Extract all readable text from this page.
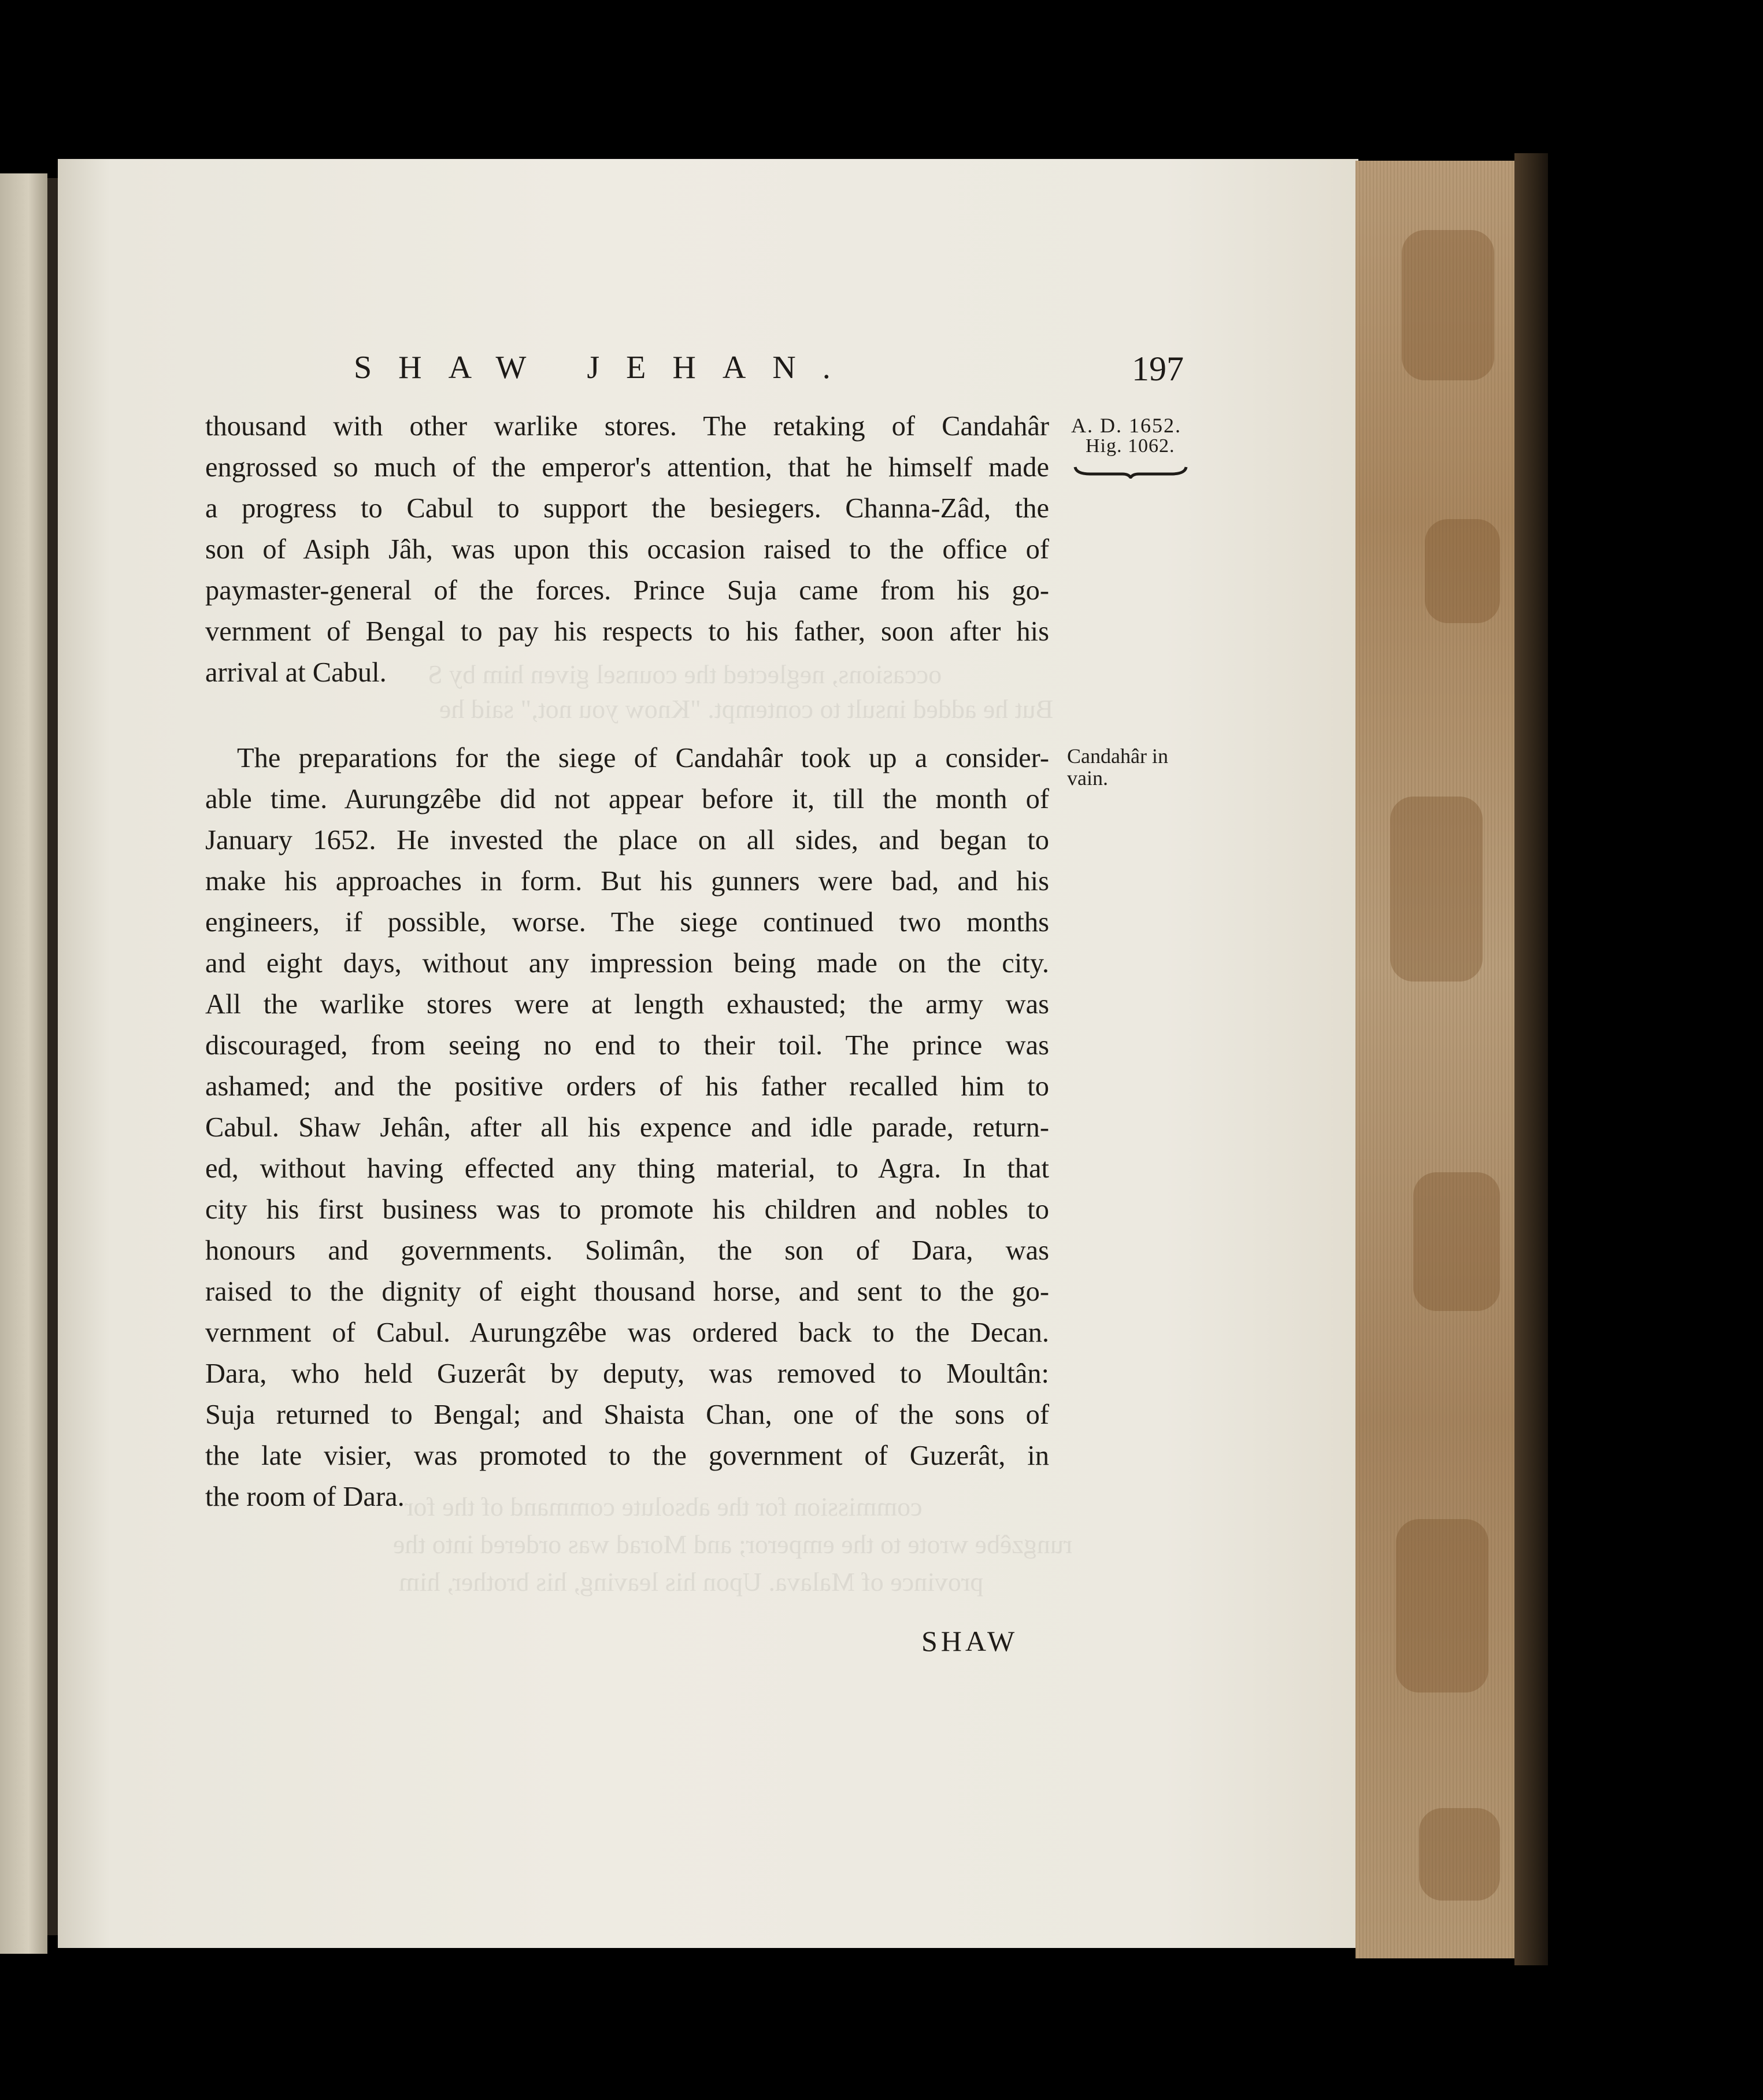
occasions, neglected the counsel given him by S
But he added insult to contempt. "Know you not," said he
commission for the absolute command of the for
rungzêbe wrote to the emperor; and Morad was ordered into the
province of Malava. Upon his leaving, his brother, him
SHAW JEHAN.	197
A. D. 1652.
Hig. 1062.
Candahâr in
vain.
thousand with other warlike stores. The retaking of Candahâr
engrossed so much of the emperor's attention, that he himself made
a progress to Cabul to support the besiegers. Channa-Zâd, the
son of Asiph Jâh, was upon this occasion raised to the office of
paymaster-general of the forces. Prince Suja came from his go-
vernment of Bengal to pay his respects to his father, soon after his
arrival at Cabul.
The preparations for the siege of Candahâr took up a consider-
able time. Aurungzêbe did not appear before it, till the month of
January 1652. He invested the place on all sides, and began to
make his approaches in form. But his gunners were bad, and his
engineers, if possible, worse. The siege continued two months
and eight days, without any impression being made on the city.
All the warlike stores were at length exhausted; the army was
discouraged, from seeing no end to their toil. The prince was
ashamed; and the positive orders of his father recalled him to
Cabul. Shaw Jehân, after all his expence and idle parade, return-
ed, without having effected any thing material, to Agra. In that
city his first business was to promote his children and nobles to
honours and governments. Solimân, the son of Dara, was
raised to the dignity of eight thousand horse, and sent to the go-
vernment of Cabul. Aurungzêbe was ordered back to the Decan.
Dara, who held Guzerât by deputy, was removed to Moultân:
Suja returned to Bengal; and Shaista Chan, one of the sons of
the late visier, was promoted to the government of Guzerât, in
the room of Dara.
SHAW
